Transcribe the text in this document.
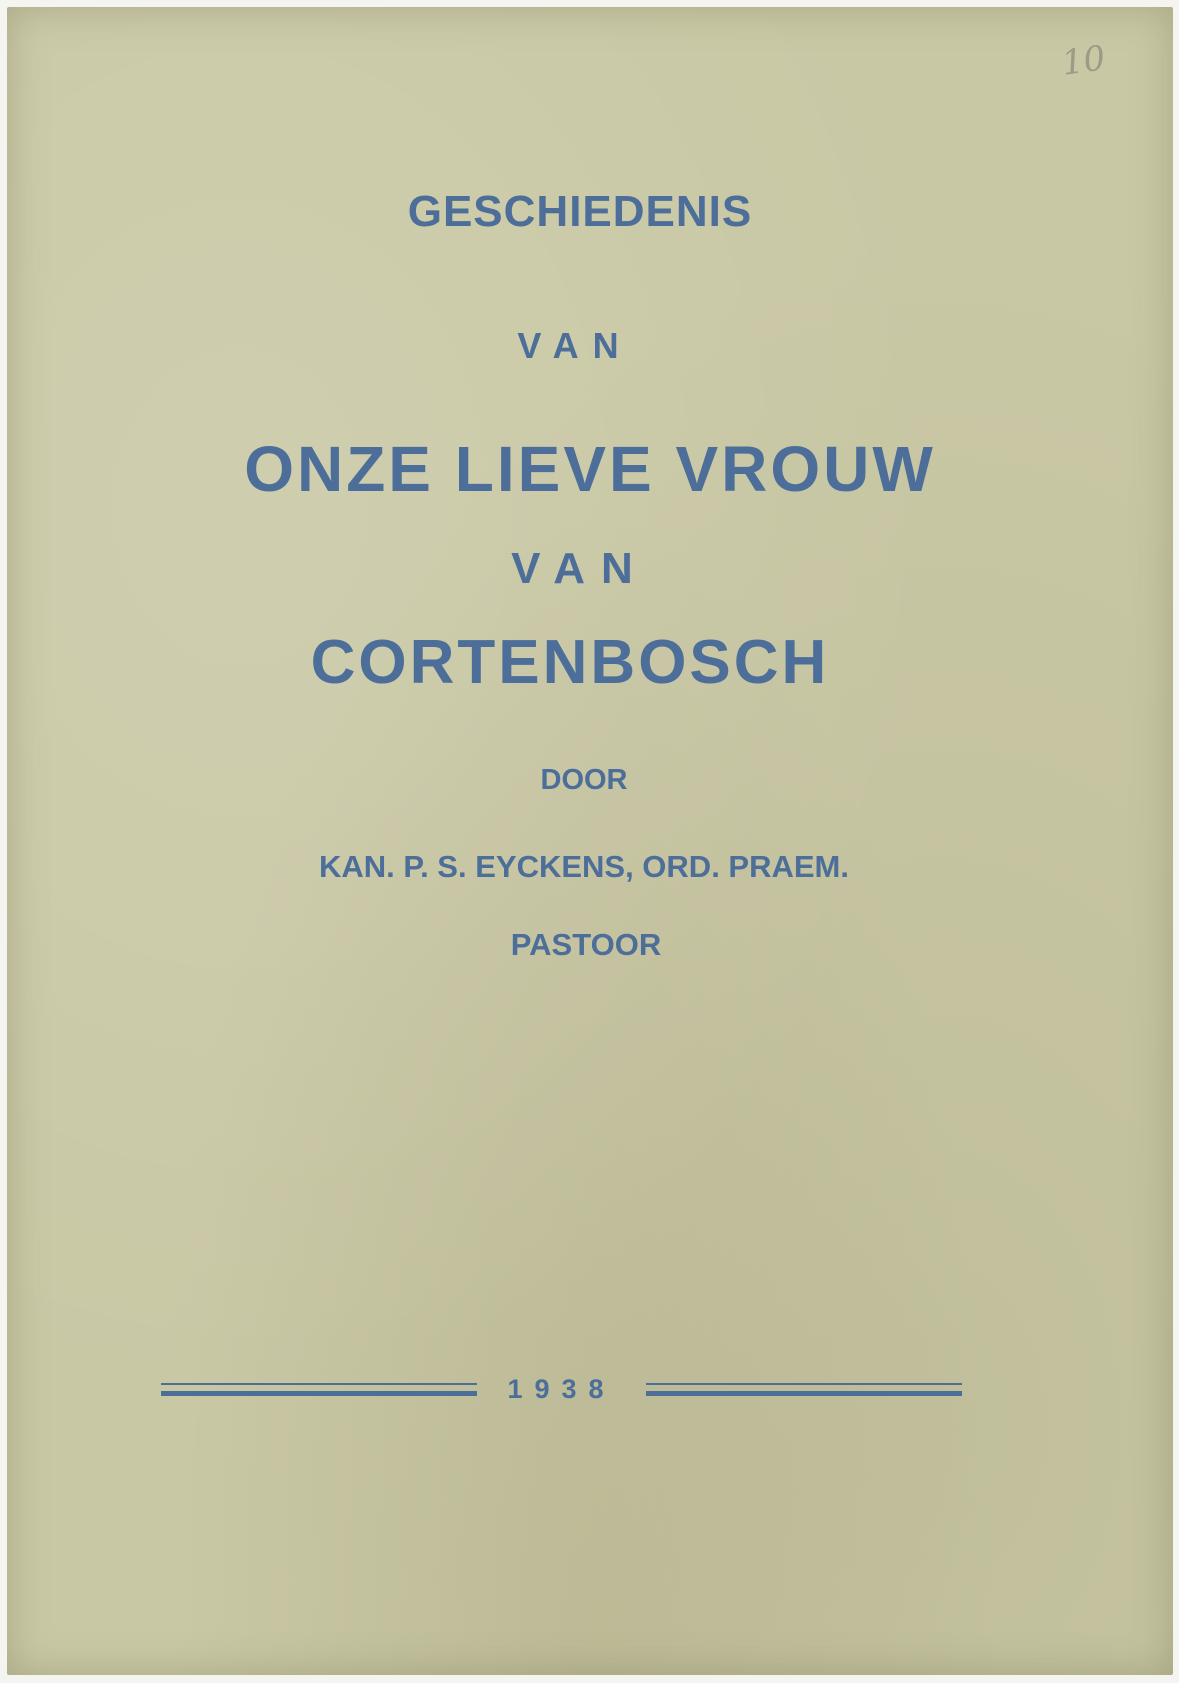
10
GESCHIEDENIS
VAN
ONZE LIEVE VROUW
VAN
CORTENBOSCH
DOOR
KAN. P. S. EYCKENS, ORD. PRAEM.
PASTOOR
1938
